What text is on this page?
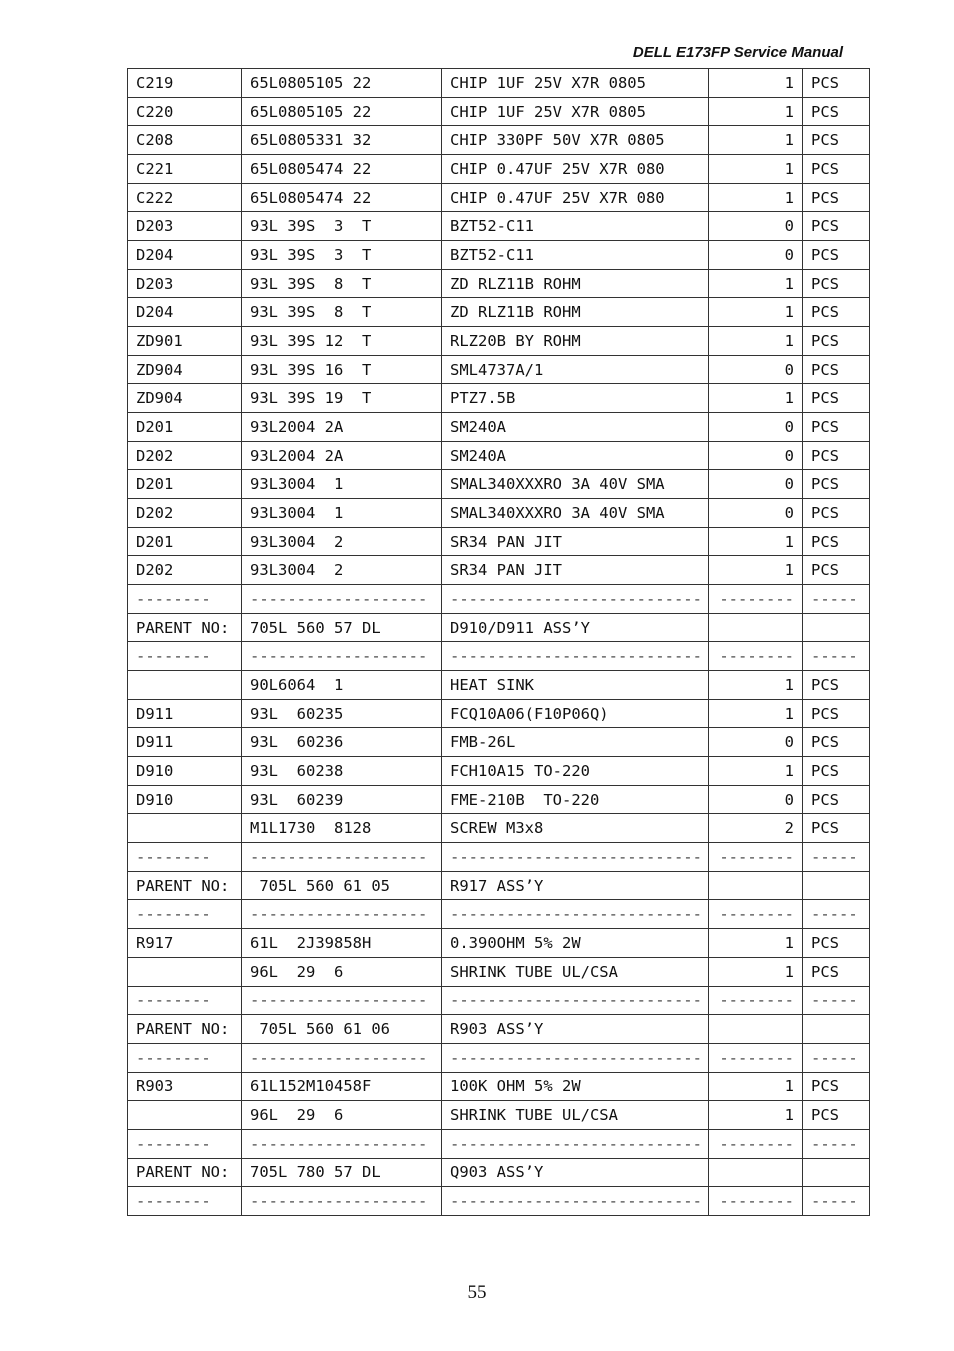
DELL E173FP Service Manual
C219	65L0805105 22	CHIP 1UF 25V X7R 0805	1	PCS
C220	65L0805105 22	CHIP 1UF 25V X7R 0805	1	PCS
C208	65L0805331 32	CHIP 330PF 50V X7R 0805	1	PCS
C221	65L0805474 22	CHIP 0.47UF 25V X7R 080	1	PCS
C222	65L0805474 22	CHIP 0.47UF 25V X7R 080	1	PCS
D203	93L 39S  3  T	BZT52-C11	0	PCS
D204	93L 39S  3  T	BZT52-C11	0	PCS
D203	93L 39S  8  T	ZD RLZ11B ROHM	1	PCS
D204	93L 39S  8  T	ZD RLZ11B ROHM	1	PCS
ZD901	93L 39S 12  T	RLZ20B BY ROHM	1	PCS
ZD904	93L 39S 16  T	SML4737A/1	0	PCS
ZD904	93L 39S 19  T	PTZ7.5B	1	PCS
D201	93L2004 2A	SM240A	0	PCS
D202	93L2004 2A	SM240A	0	PCS
D201	93L3004  1	SMAL340XXXRO 3A 40V SMA	0	PCS
D202	93L3004  1	SMAL340XXXRO 3A 40V SMA	0	PCS
D201	93L3004  2	SR34 PAN JIT	1	PCS
D202	93L3004  2	SR34 PAN JIT	1	PCS
--------	-------------------	---------------------------	--------	-----
PARENT NO:	705L 560 57 DL	D910/D911 ASS’Y		
--------	-------------------	---------------------------	--------	-----
	90L6064  1	HEAT SINK	1	PCS
D911	93L  60235	FCQ10A06(F10P06Q)	1	PCS
D911	93L  60236	FMB-26L	0	PCS
D910	93L  60238	FCH10A15 TO-220	1	PCS
D910	93L  60239	FME-210B  TO-220	0	PCS
	M1L1730  8128	SCREW M3x8	2	PCS
--------	-------------------	---------------------------	--------	-----
PARENT NO:	705L 560 61 05	R917 ASS’Y		
--------	-------------------	---------------------------	--------	-----
R917	61L  2J39858H	0.390OHM 5% 2W	1	PCS
	96L  29  6	SHRINK TUBE UL/CSA	1	PCS
--------	-------------------	---------------------------	--------	-----
PARENT NO:	705L 560 61 06	R903 ASS’Y		
--------	-------------------	---------------------------	--------	-----
R903	61L152M10458F	100K OHM 5% 2W	1	PCS
	96L  29  6	SHRINK TUBE UL/CSA	1	PCS
--------	-------------------	---------------------------	--------	-----
PARENT NO:	705L 780 57 DL	Q903 ASS’Y		
--------	-------------------	---------------------------	--------	-----
55
